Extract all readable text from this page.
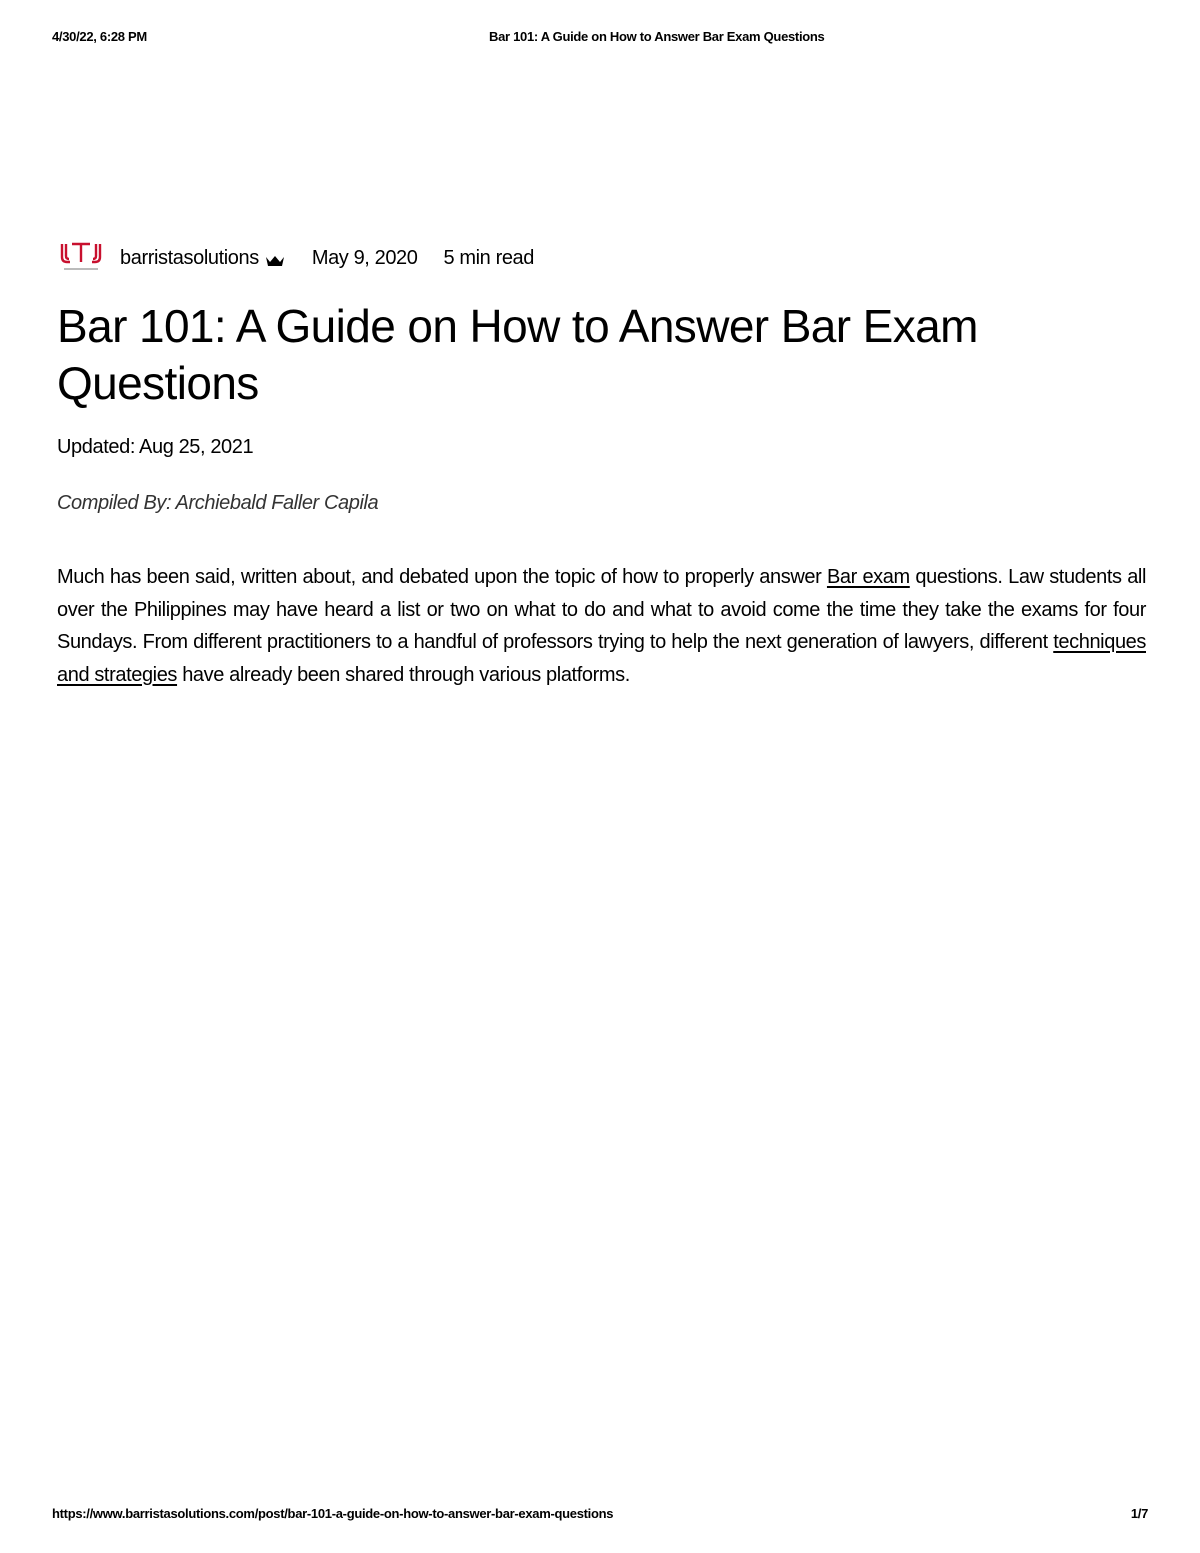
4/30/22, 6:28 PM	Bar 101: A Guide on How to Answer Bar Exam Questions
barristasolutions	May 9, 2020 5 min read
Bar 101: A Guide on How to Answer Bar Exam Questions
Updated: Aug 25, 2021
Compiled By: Archiebald Faller Capila

Much has been said, written about, and debated upon the topic of how to properly answer Bar exam questions. Law students all over the Philippines may have heard a list or two on what to do and what to avoid come the time they take the exams for four Sundays. From different practitioners to a handful of professors trying to help the next generation of lawyers, different techniques and strategies have already been shared through various platforms.

https://www.barristasolutions.com/post/bar-101-a-guide-on-how-to-answer-bar-exam-questions	1/7
